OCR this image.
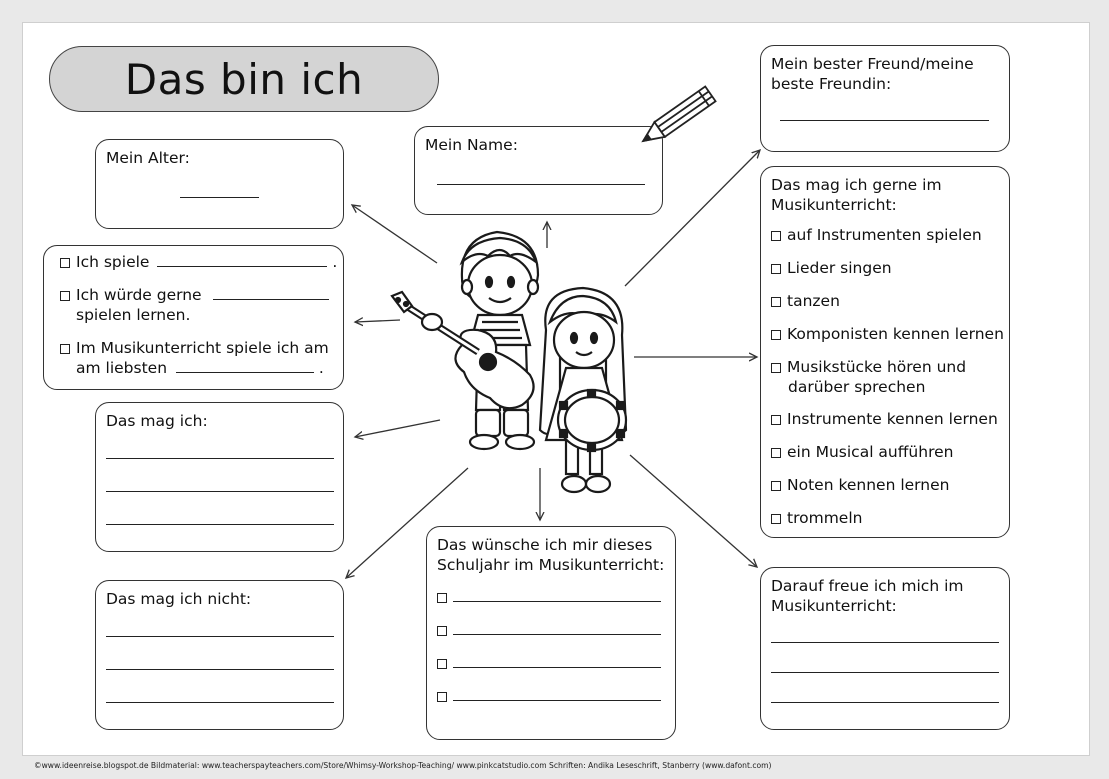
Das bin ich
Mein Name:
Mein Alter:
Mein bester Freund/meine
beste Freundin:
Ich spiele	.
Ich würde gerne
spielen lernen.
Im Musikunterricht spiele ich am
am liebsten	.
Das mag ich:
Das mag ich nicht:
Das wünsche ich mir dieses
Schuljahr im Musikunterricht:
Das mag ich gerne im
Musikunterricht:
auf Instrumenten spielen
Lieder singen
tanzen
Komponisten kennen lernen
Musikstücke hören und
darüber sprechen
Instrumente kennen lernen
ein Musical aufführen
Noten kennen lernen
trommeln
Darauf freue ich mich im
Musikunterricht:
©www.ideenreise.blogspot.de Bildmaterial: www.teacherspayteachers.com/Store/Whimsy-Workshop-Teaching/ www.pinkcatstudio.com Schriften: Andika Leseschrift, Stanberry (www.dafont.com)
